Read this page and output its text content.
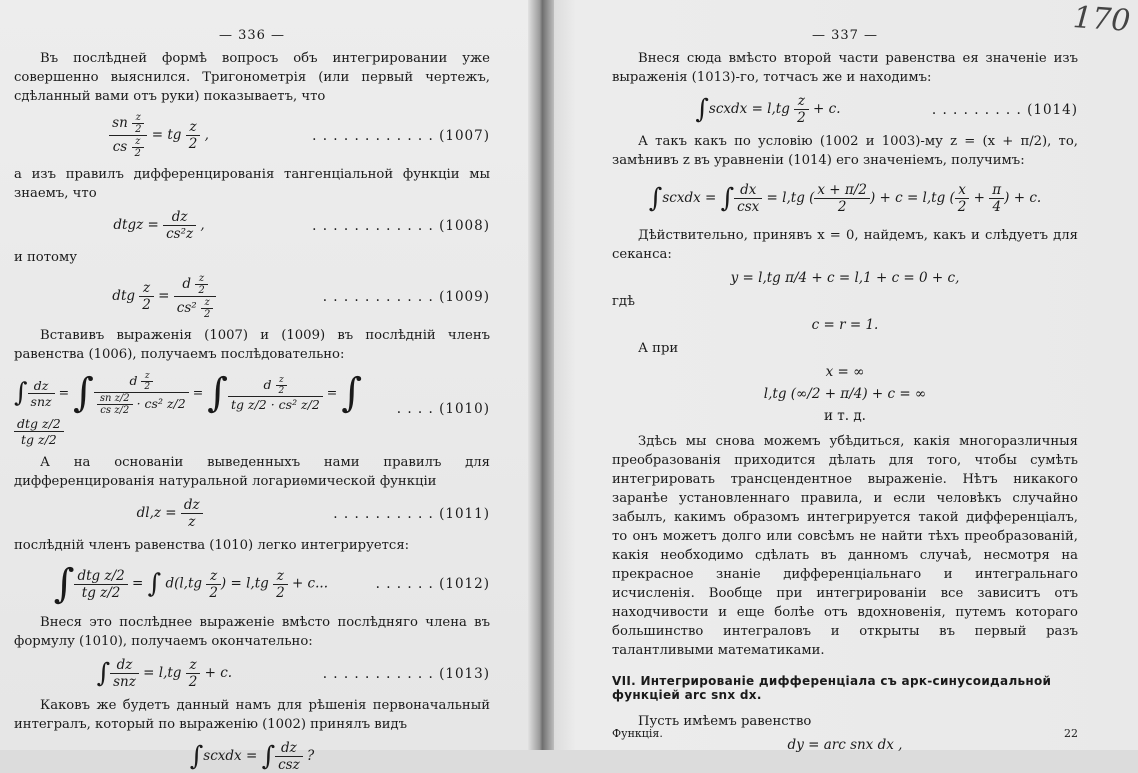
— 336 —

Въ послѣдней формѣ вопросъ объ интегрировании уже совершенно выяснился. Тригонометрія (или первый чертежъ, сдѣланный вами отъ руки) показываетъ, что

$\frac{sn \frac{z}{2}}{cs \frac{z}{2}}$ = tg $\frac{z}{2}$ ,	. . . . . . . . . . . . (1007)

а изъ правилъ дифференцированія тангенціальной функціи мы знаемъ, что

dtgz = $\frac{dz}{\text{cs²z}}$ ,	. . . . . . . . . . . . (1008)

и потому

dtg $\frac{z}{2} = \frac{d \frac{z}{2}}{cs^2 \frac{z}{2}}$	. . . . . . . . . . . (1009)

Вставивъ выраженія (1007) и (1009) въ послѣдній членъ равенства (1006), получаемъ послѣдовательно:

∫ $\frac{dz}{\text{snz}}$ = ∫ $\frac{d \frac{z}{2}}{\frac{\text{sn z/2}}{\text{cs z/2}} \cdot cs^2 z/2}$ = ∫ $\frac{d \frac{z}{2}}{\text{tg z/2 · cs² z/2}}$ = ∫
$\frac{\text{dtg z/2}}{\text{tg z/2}}$
. . . . (1010)

А на основаніи выведенныхъ нами правилъ для дифференцированія натуральной логариѳмической функціи

$dl,z = \frac{dz}{z}$	. . . . . . . . . . (1011)

послѣдній членъ равенства (1010) легко интегрируется:

∫ $\frac{\text{dtg z/2}}{\text{tg z/2}}$ = ∫ $d(l,tg \frac{z}{2}$ ) = $l,tg \frac{z}{2} + c$...	. . . . . . (1012)

Внеся это послѣднее выраженіе вмѣсто послѣдняго члена въ формулу (1010), получаемъ окончательно:

∫ $\frac{dz}{\text{snz}} = l,tg \frac{z}{2} + c$.	. . . . . . . . . . . (1013)

Каковъ же будетъ данный намъ для рѣшенія первоначальный интегралъ, который по выраженію (1002) принялъ видъ

∫scxdx = ∫ $\frac{dz}{\text{csz}}$ ?
170
— 337 —

Внеся сюда вмѣсто второй части равенства ея значеніе изъ выраженія (1013)-го, тотчасъ же и находимъ:

∫scxdx = $l,tg \frac{z}{2} + c$.	. . . . . . . . . (1014)

А такъ какъ по условію (1002 и 1003)-му z = (x + π/2), то, замѣнивъ z въ уравненіи (1014) его значеніемъ, получимъ:

∫scxdx = ∫ $\frac{dx}{\text{csx}} = l,tg$ ( $\frac{x + \pi/2}{2}$ ) + c = l,tg ( $\frac{x}{2} + \frac{\pi}{4}$ ) + c.

Дѣйствительно, принявъ x = 0, найдемъ, какъ и слѣдуетъ для секанса:

y = l,tg π/4 + c = l,1 + c = 0 + c,

гдѣ

c = r = 1.

А при

x = ∞
l,tg (∞/2 + π/4) + c = ∞
и т. д.

Здѣсь мы снова можемъ убѣдиться, какія многоразличныя преобразованія приходится дѣлать для того, чтобы сумѣть интегрировать трансцендентное выраженіе. Нѣтъ никакого заранѣе установленнаго правила, и если человѣкъ случайно забылъ, какимъ образомъ интегрируется такой дифференціалъ, то онъ можетъ долго или совсѣмъ не найти тѣхъ преобразованій, какія необходимо сдѣлать въ данномъ случаѣ, несмотря на прекрасное знаніе дифференціальнаго и интегральнаго исчисленія. Вообще при интегрированіи все зависитъ отъ находчивости и еще болѣе отъ вдохновенія, путемъ котораго большинство интеграловъ и открыты въ первый разъ талантливыми математиками.

VII. Интегрированіе дифференціала съ арк-синусоидальной функціей arc snx dx.

Пусть имѣемъ равенство

dy = arc snx dx ,
Функція.	22
